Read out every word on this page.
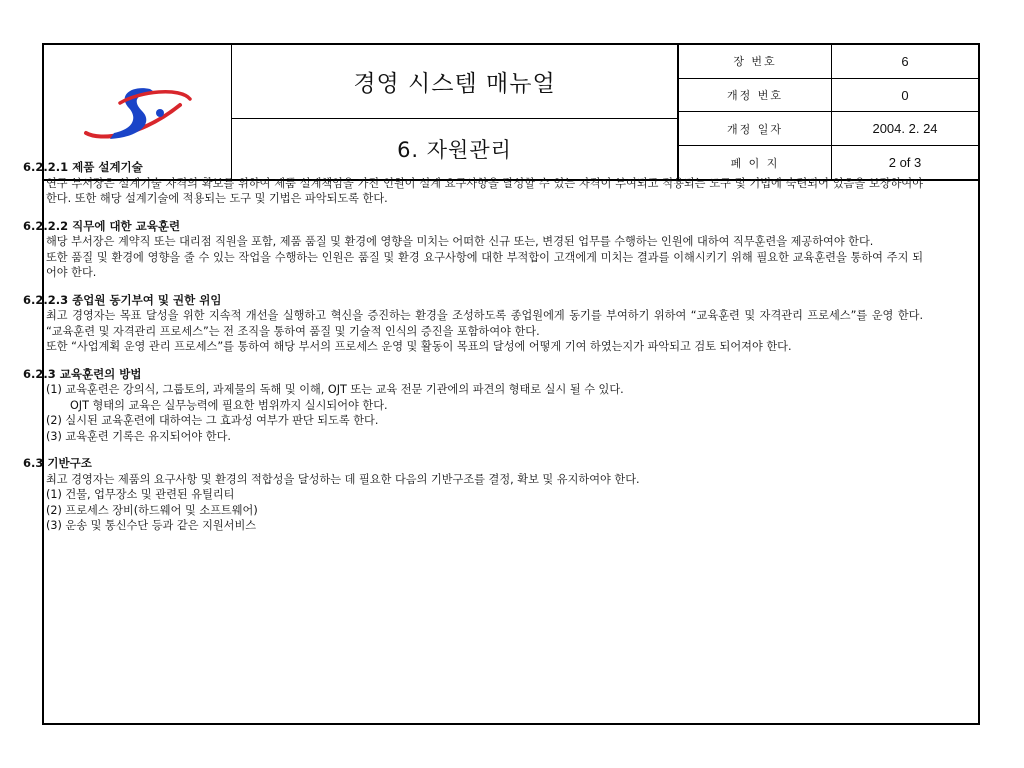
경영 시스템 매뉴얼
6. 자원관리
장 번호	6
개정 번호	0
개정 일자	2004. 2. 24
페 이 지	2 of 3
6.2.2.1 제품 설계기술
연구 부서장은 설계기술 자격의 확보를 위하여 제품 설계책임을 가진 인원이 설계 요구사항을 달성할 수 있는 자격이 부여되고 적용되는 도구 및 기법에 숙련되어 있음을 보장하여야 한다. 또한 해당 설계기술에 적용되는 도구 및 기법은 파악되도록 한다.
6.2.2.2 직무에 대한 교육훈련
해당 부서장은 계약직 또는 대리점 직원을 포함, 제품 품질 및 환경에 영향을 미치는 어떠한 신규 또는, 변경된 업무를 수행하는 인원에 대하여 직무훈련을 제공하여야 한다.
또한 품질 및 환경에 영향을 줄 수 있는 작업을 수행하는 인원은 품질 및 환경 요구사항에 대한 부적합이 고객에게 미치는 결과를 이해시키기 위해 필요한 교육훈련을 통하여 주지 되어야 한다.
6.2.2.3 종업원 동기부여 및 권한 위임
최고 경영자는 목표 달성을 위한 지속적 개선을 실행하고 혁신을 증진하는 환경을 조성하도록 종업원에게 동기를 부여하기 위하여 “교육훈련 및 자격관리 프로세스”를 운영 한다. “교육훈련 및 자격관리 프로세스”는 전 조직을 통하여 품질 및 기술적 인식의 증진을 포함하여야 한다.
또한 “사업계획 운영 관리 프로세스”를 통하여 해당 부서의 프로세스 운영 및 활동이 목표의 달성에 어떻게 기여 하였는지가 파악되고 검토 되어져야 한다.
6.2.3 교육훈련의 방법
(1) 교육훈련은 강의식, 그룹토의, 과제물의 독해 및 이해, OJT 또는 교육 전문 기관에의 파견의 형태로 실시 될 수 있다.
OJT 형태의 교육은 실무능력에 필요한 범위까지 실시되어야 한다.
(2) 실시된 교육훈련에 대하여는 그 효과성 여부가 판단 되도록 한다.
(3) 교육훈련 기록은 유지되어야 한다.
6.3 기반구조
최고 경영자는 제품의 요구사항 및 환경의 적합성을 달성하는 데 필요한 다음의 기반구조를 결정, 확보 및 유지하여야 한다.
(1) 건물, 업무장소 및 관련된 유틸리티
(2) 프로세스 장비(하드웨어 및 소프트웨어)
(3) 운송 및 통신수단 등과 같은 지원서비스
